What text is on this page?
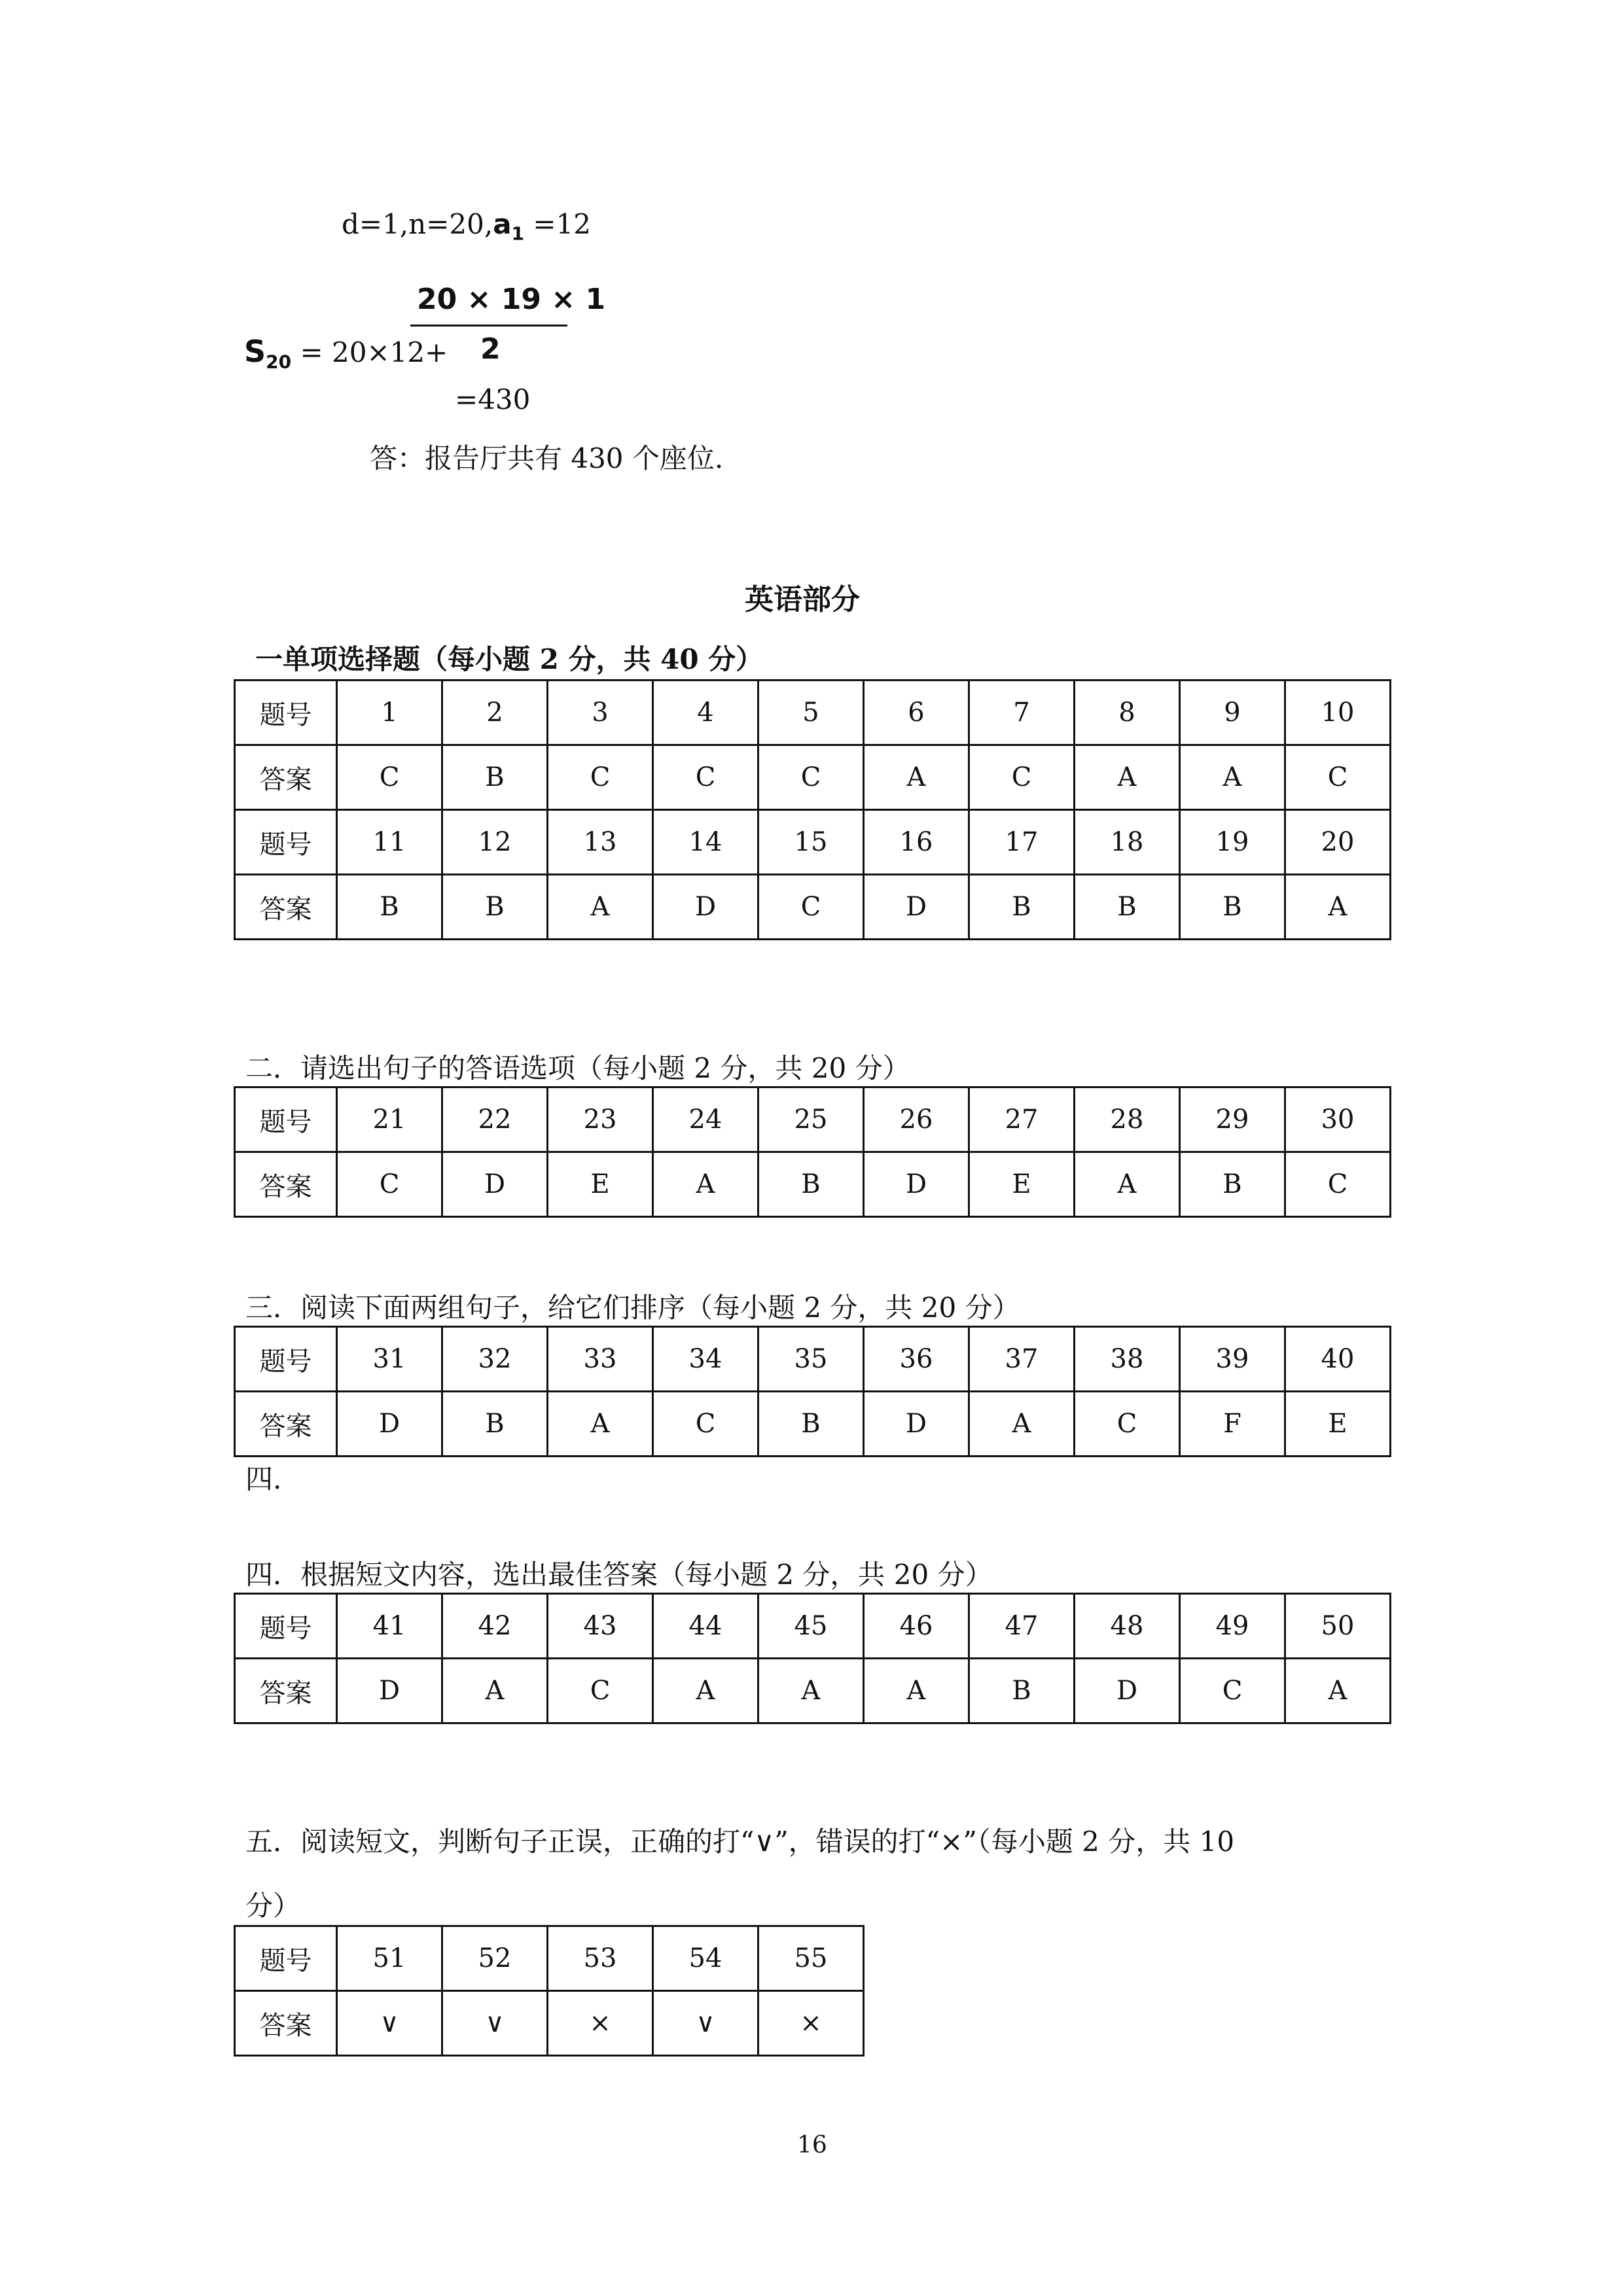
$d=1,n=20,a_1 =12$
20 × 19 × 1
2
$S_{20} = 20\times 12+$
=430
答：报告厅共有 430 个座位.
英语部分
一单项选择题（每小题 2 分，共 40 分）
题号	1	2	3	4	5	6	7	8	9	10
答案	C	B	C	C	C	A	C	A	A	C
题号	11	12	13	14	15	16	17	18	19	20
答案	B	B	A	D	C	D	B	B	B	A
二．请选出句子的答语选项（每小题 2 分，共 20 分）
题号	21	22	23	24	25	26	27	28	29	30
答案	C	D	E	A	B	D	E	A	B	C
三．阅读下面两组句子，给它们排序（每小题 2 分，共 20 分）
题号	31	32	33	34	35	36	37	38	39	40
答案	D	B	A	C	B	D	A	C	F	E
四.
四．根据短文内容，选出最佳答案（每小题 2 分，共 20 分）
题号	41	42	43	44	45	46	47	48	49	50
答案	D	A	C	A	A	A	B	D	C	A
五．阅读短文，判断句子正误，正确的打“∨”，错误的打“×”（每小题 2 分，共 10
分）
题号	51	52	53	54	55
答案	∨	∨	×	∨	×
16
